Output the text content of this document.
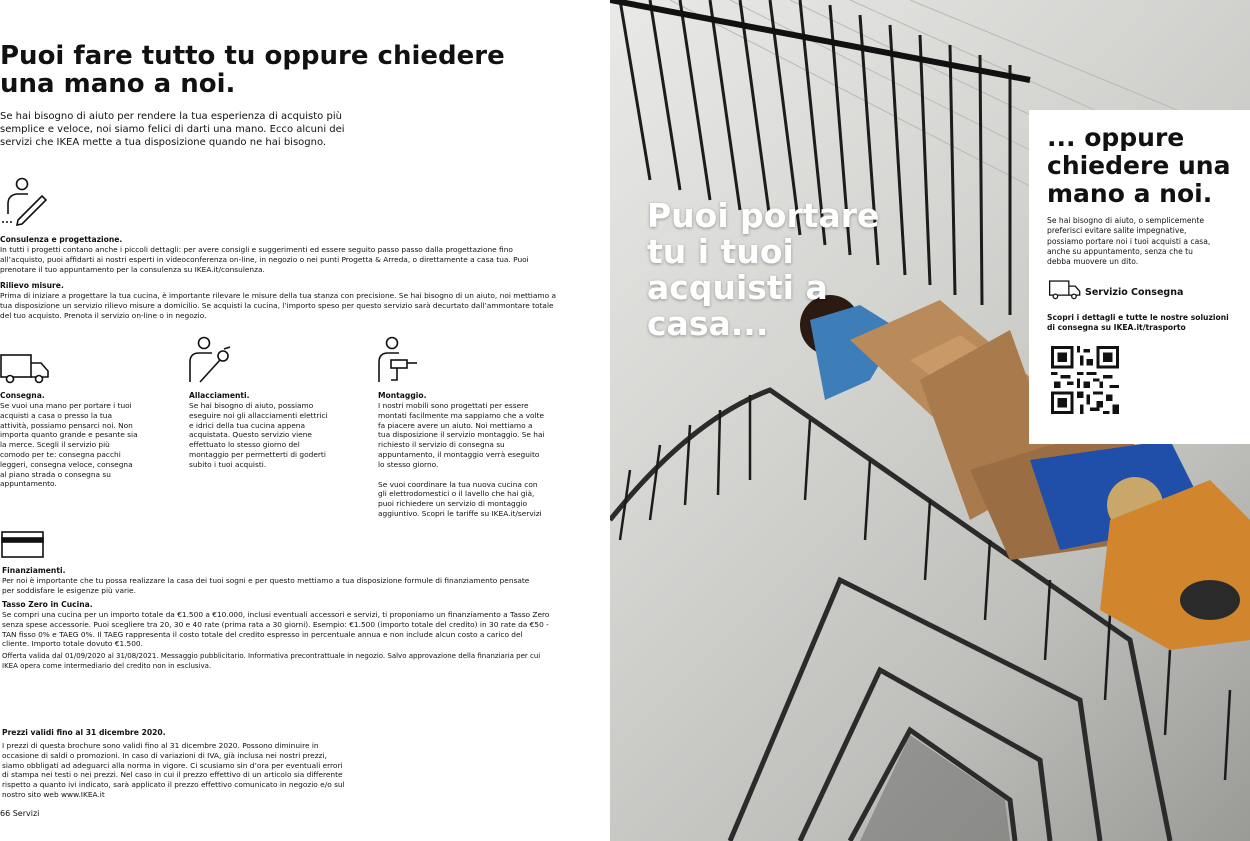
Puoi fare tutto tu oppure chiedere una mano a noi.

Se hai bisogno di aiuto per rendere la tua esperienza di acquisto più semplice e veloce, noi siamo felici di darti una mano. Ecco alcuni dei servizi che IKEA mette a tua disposizione quando ne hai bisogno.

Consulenza e progettazione.

In tutti i progetti contano anche i piccoli dettagli: per avere consigli e suggerimenti ed essere seguito passo passo dalla progettazione fino all’acquisto, puoi affidarti ai nostri esperti in videoconferenza on-line, in negozio o nei punti Progetta & Arreda, o direttamente a casa tua. Puoi prenotare il tuo appuntamento per la consulenza su IKEA.it/consulenza.

Rilievo misure.

Prima di iniziare a progettare la tua cucina, è importante rilevare le misure della tua stanza con precisione. Se hai bisogno di un aiuto, noi mettiamo a tua disposizione un servizio rilievo misure a domicilio. Se acquisti la cucina, l’importo speso per questo servizio sarà decurtato dall’ammontare totale del tuo acquisto. Prenota il servizio on-line o in negozio.

Consegna.

Se vuoi una mano per portare i tuoi acquisti a casa o presso la tua attività, possiamo pensarci noi. Non importa quanto grande e pesante sia la merce. Scegli il servizio più comodo per te: consegna pacchi leggeri, consegna veloce, consegna al piano strada o consegna su appuntamento.

Allacciamenti.

Se hai bisogno di aiuto, possiamo eseguire noi gli allacciamenti elettrici e idrici della tua cucina appena acquistata. Questo servizio viene effettuato lo stesso giorno del montaggio per permetterti di goderti subito i tuoi acquisti.

Montaggio.

I nostri mobili sono progettati per essere montati facilmente ma sappiamo che a volte fa piacere avere un aiuto. Noi mettiamo a tua disposizione il servizio montaggio. Se hai richiesto il servizio di consegna su appuntamento, il montaggio verrà eseguito lo stesso giorno.

Se vuoi coordinare la tua nuova cucina con gli elettrodomestici o il lavello che hai già, puoi richiedere un servizio di montaggio aggiuntivo. Scopri le tariffe su IKEA.it/servizi

Finanziamenti.

Per noi è importante che tu possa realizzare la casa dei tuoi sogni e per questo mettiamo a tua disposizione formule di finanziamento pensate per soddisfare le esigenze più varie.

Tasso Zero in Cucina.

Se compri una cucina per un importo totale da €1.500 a €10.000, inclusi eventuali accessori e servizi, ti proponiamo un finanziamento a Tasso Zero senza spese accessorie. Puoi scegliere tra 20, 30 e 40 rate (prima rata a 30 giorni). Esempio: €1.500 (importo totale del credito) in 30 rate da €50 - TAN fisso 0% e TAEG 0%. Il TAEG rappresenta il costo totale del credito espresso in percentuale annua e non include alcun costo a carico del cliente. Importo totale dovuto €1.500.

Offerta valida dal 01/09/2020 al 31/08/2021. Messaggio pubblicitario. Informativa precontrattuale in negozio. Salvo approvazione della finanziaria per cui IKEA opera come intermediario del credito non in esclusiva.

Prezzi validi fino al 31 dicembre 2020.

I prezzi di questa brochure sono validi fino al 31 dicembre 2020. Possono diminuire in occasione di saldi o promozioni. In caso di variazioni di IVA, già inclusa nei nostri prezzi, siamo obbligati ad adeguarci alla norma in vigore. Ci scusiamo sin d’ora per eventuali errori di stampa nei testi o nei prezzi. Nel caso in cui il prezzo effettivo di un articolo sia differente rispetto a quanto ivi indicato, sarà applicato il prezzo effettivo comunicato in negozio e/o sul nostro sito web www.IKEA.it

66 Servizi
Puoi portare tu i tuoi acquisti a casa...
... oppure chiedere una mano a noi.

Se hai bisogno di aiuto, o semplicemente preferisci evitare salite impegnative, possiamo portare noi i tuoi acquisti a casa, anche su appuntamento, senza che tu debba muovere un dito.

Servizio Consegna

Scopri i dettagli e tutte le nostre soluzioni di consegna su IKEA.it/trasporto
